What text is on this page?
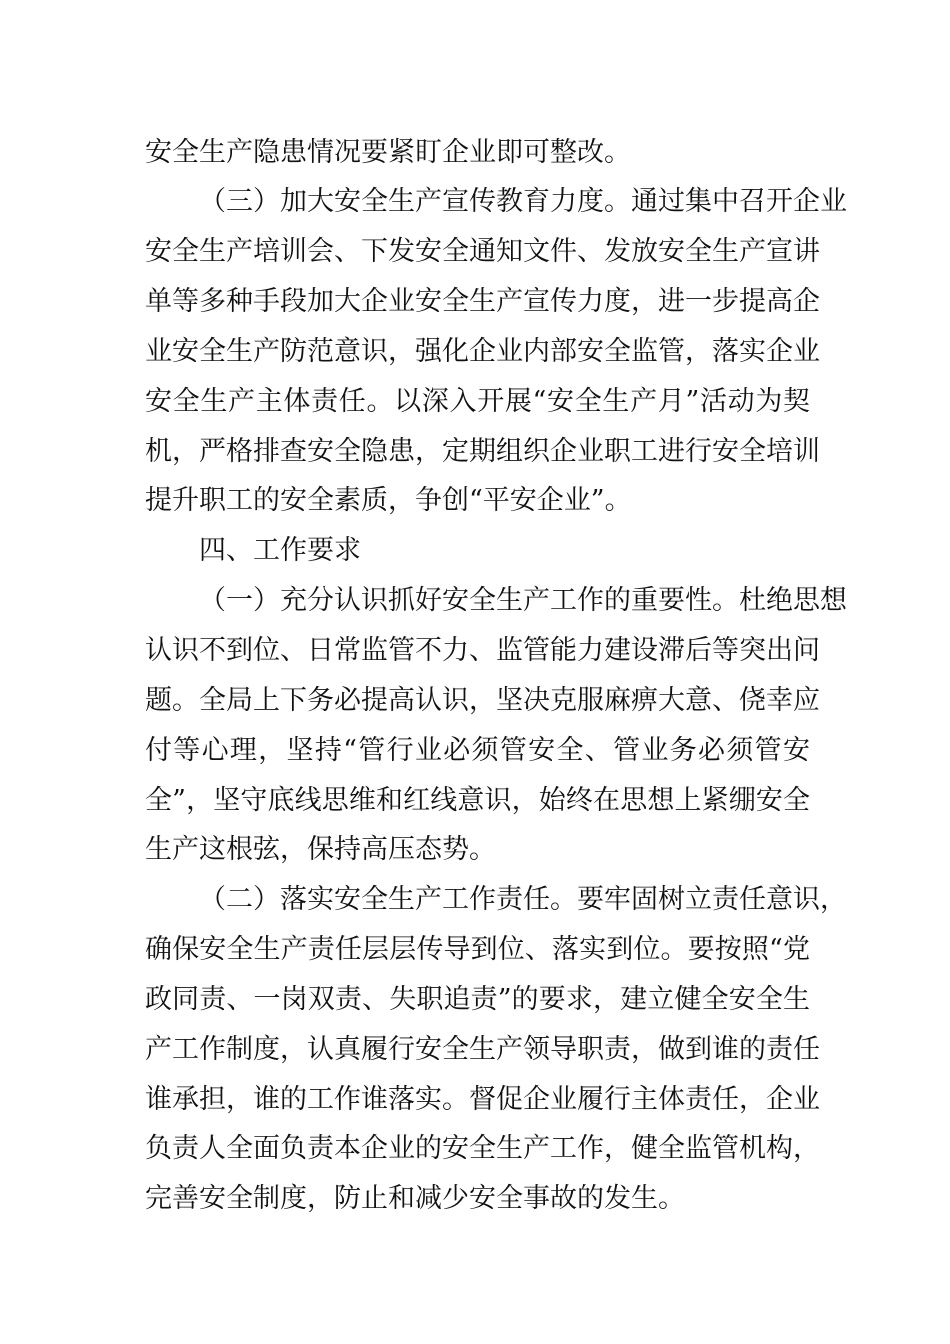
安全生产隐患情况要紧盯企业即可整改。
（三）加大安全生产宣传教育力度。通过集中召开企业
安全生产培训会、下发安全通知文件、发放安全生产宣讲
单等多种手段加大企业安全生产宣传力度，进一步提高企
业安全生产防范意识，强化企业内部安全监管，落实企业
安全生产主体责任。以深入开展“安全生产月”活动为契
机，严格排查安全隐患，定期组织企业职工进行安全培训
提升职工的安全素质，争创“平安企业”。
四、工作要求
（一）充分认识抓好安全生产工作的重要性。杜绝思想
认识不到位、日常监管不力、监管能力建设滞后等突出问
题。全局上下务必提高认识，坚决克服麻痹大意、侥幸应
付等心理，坚持“管行业必须管安全、管业务必须管安
全”，坚守底线思维和红线意识，始终在思想上紧绷安全
生产这根弦，保持高压态势。
（二）落实安全生产工作责任。要牢固树立责任意识，
确保安全生产责任层层传导到位、落实到位。要按照“党
政同责、一岗双责、失职追责”的要求，建立健全安全生
产工作制度，认真履行安全生产领导职责，做到谁的责任
谁承担，谁的工作谁落实。督促企业履行主体责任，企业
负责人全面负责本企业的安全生产工作，健全监管机构，
完善安全制度，防止和减少安全事故的发生。
